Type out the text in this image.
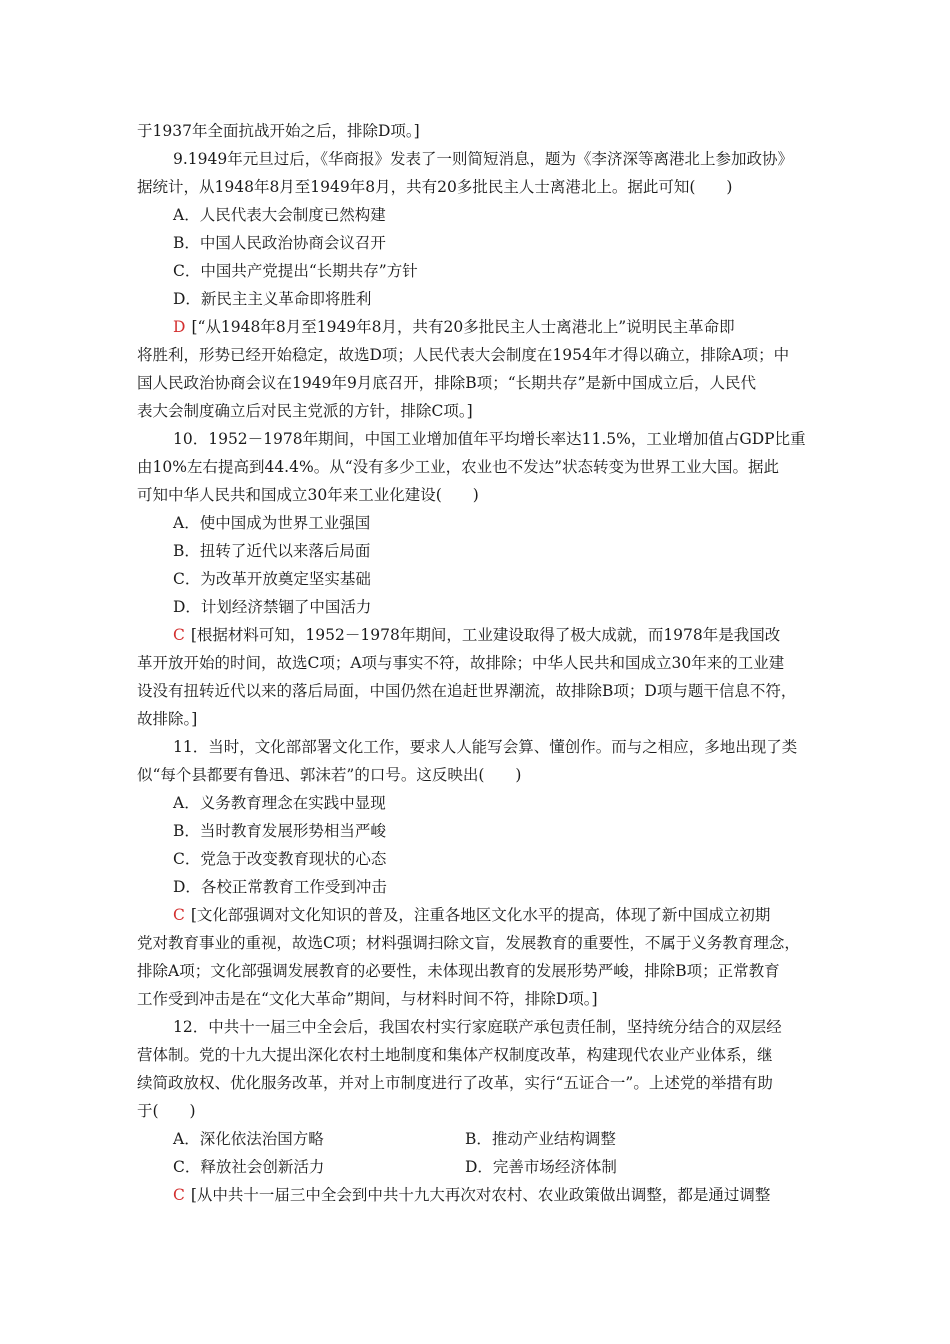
于1937年全面抗战开始之后，排除D项。]
9.1949年元旦过后，《华商报》发表了一则简短消息，题为《李济深等离港北上参加政协》
据统计，从1948年8月至1949年8月，共有20多批民主人士离港北上。据此可知(　　)
A．人民代表大会制度已然构建
B．中国人民政治协商会议召开
C．中国共产党提出“长期共存”方针
D．新民主主义革命即将胜利
D [“从1948年8月至1949年8月，共有20多批民主人士离港北上”说明民主革命即
将胜利，形势已经开始稳定，故选D项；人民代表大会制度在1954年才得以确立，排除A项；中
国人民政治协商会议在1949年9月底召开，排除B项；“长期共存”是新中国成立后，人民代
表大会制度确立后对民主党派的方针，排除C项。]
10．1952－1978年期间，中国工业增加值年平均增长率达11.5%，工业增加值占GDP比重
由10%左右提高到44.4%。从“没有多少工业，农业也不发达”状态转变为世界工业大国。据此
可知中华人民共和国成立30年来工业化建设(　　)
A．使中国成为世界工业强国
B．扭转了近代以来落后局面
C．为改革开放奠定坚实基础
D．计划经济禁锢了中国活力
C [根据材料可知，1952－1978年期间，工业建设取得了极大成就，而1978年是我国改
革开放开始的时间，故选C项；A项与事实不符，故排除；中华人民共和国成立30年来的工业建
设没有扭转近代以来的落后局面，中国仍然在追赶世界潮流，故排除B项；D项与题干信息不符，
故排除。]
11．当时，文化部部署文化工作，要求人人能写会算、懂创作。而与之相应，多地出现了类
似“每个县都要有鲁迅、郭沫若”的口号。这反映出(　　)
A．义务教育理念在实践中显现
B．当时教育发展形势相当严峻
C．党急于改变教育现状的心态
D．各校正常教育工作受到冲击
C [文化部强调对文化知识的普及，注重各地区文化水平的提高，体现了新中国成立初期
党对教育事业的重视，故选C项；材料强调扫除文盲，发展教育的重要性，不属于义务教育理念，
排除A项；文化部强调发展教育的必要性，未体现出教育的发展形势严峻，排除B项；正常教育
工作受到冲击是在“文化大革命”期间，与材料时间不符，排除D项。]
12．中共十一届三中全会后，我国农村实行家庭联产承包责任制，坚持统分结合的双层经
营体制。党的十九大提出深化农村土地制度和集体产权制度改革，构建现代农业产业体系，继
续简政放权、优化服务改革，并对上市制度进行了改革，实行“五证合一”。上述党的举措有助
于(　　)
A．深化依法治国方略	B．推动产业结构调整
C．释放社会创新活力	D．完善市场经济体制
C [从中共十一届三中全会到中共十九大再次对农村、农业政策做出调整，都是通过调整
